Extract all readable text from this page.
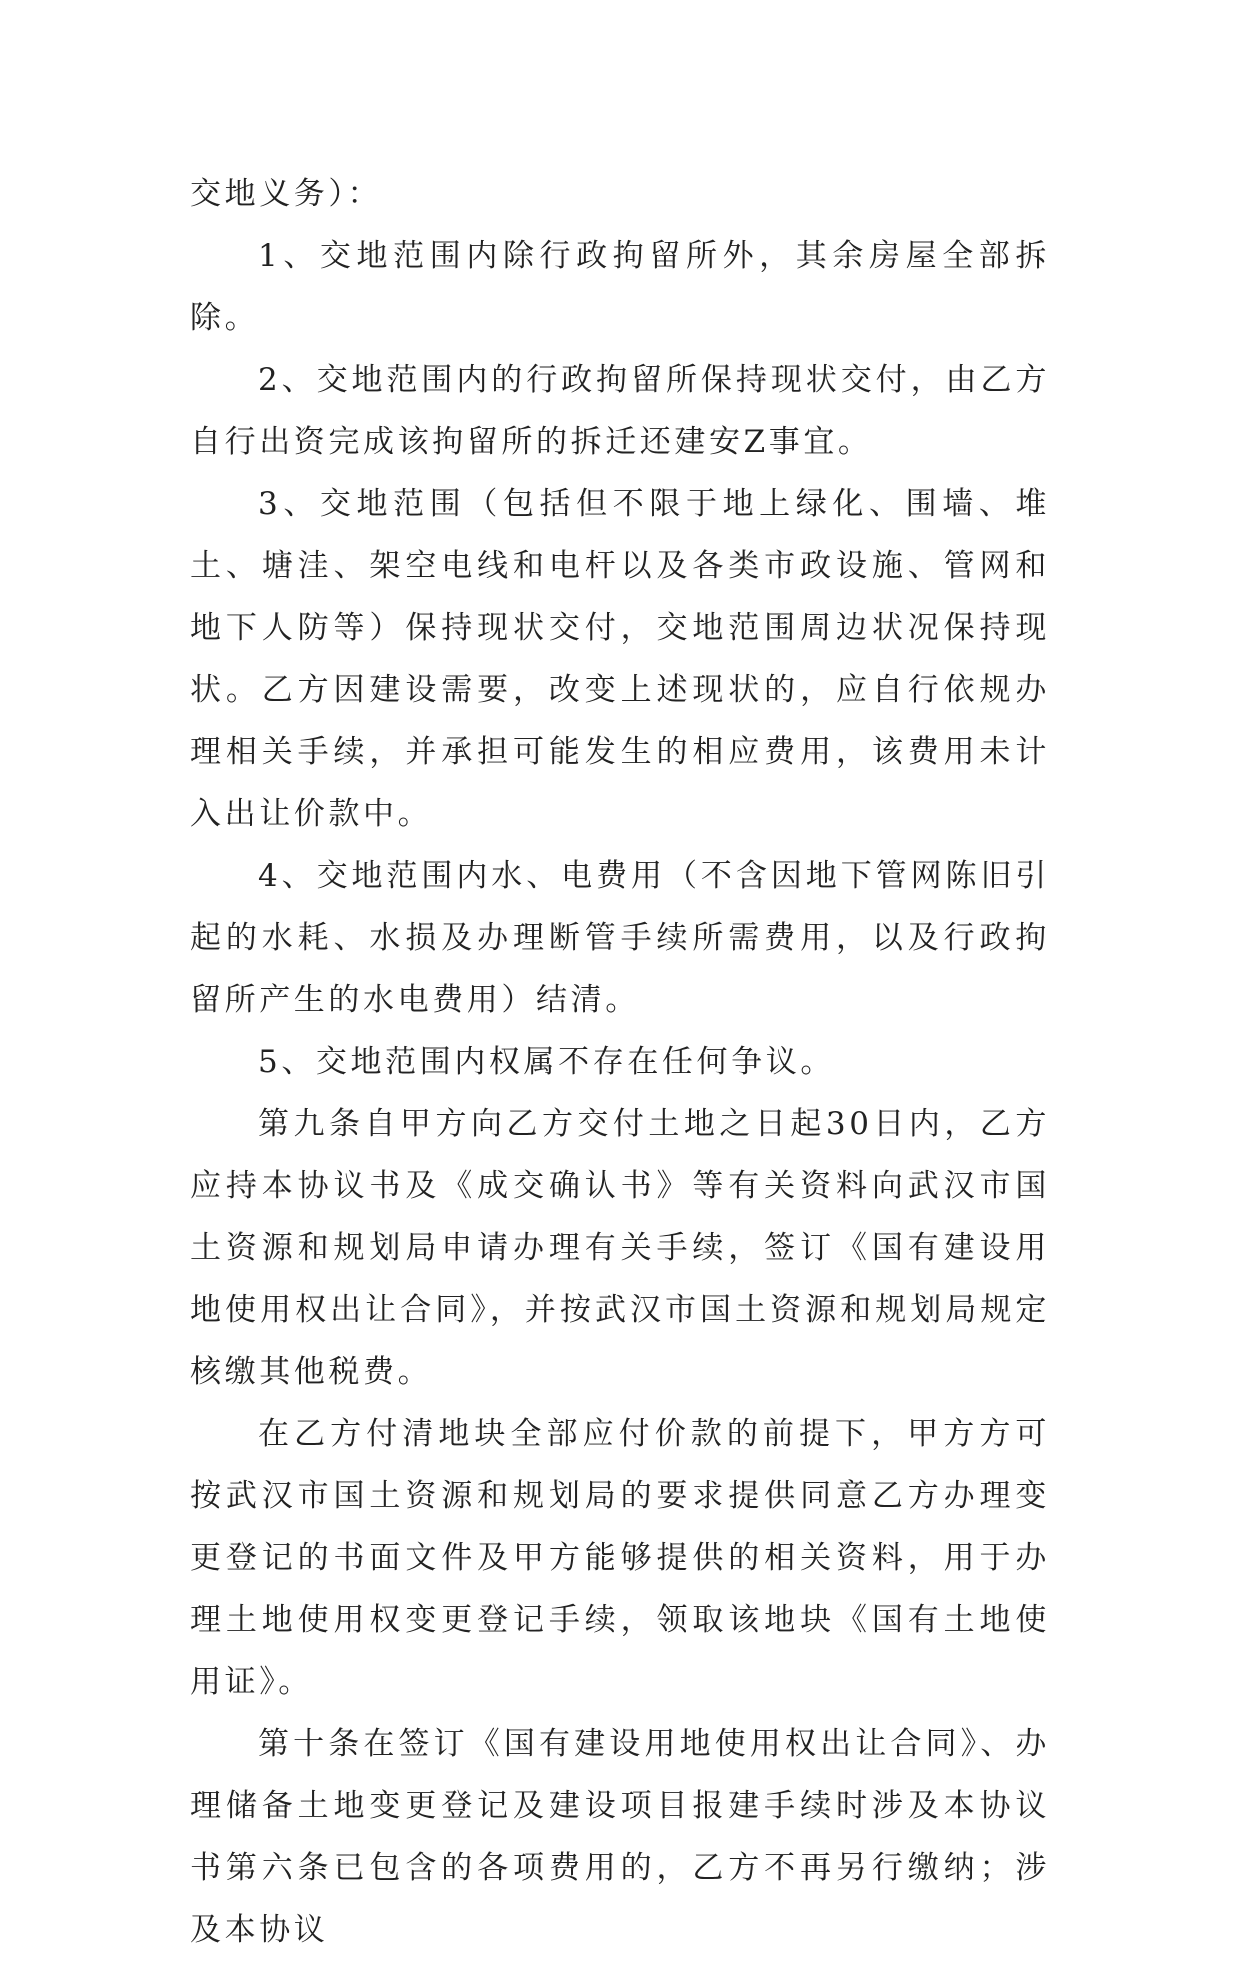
交地义务）：

1、交地范围内除行政拘留所外，其余房屋全部拆除。

2、交地范围内的行政拘留所保持现状交付，由乙方自行出资完成该拘留所的拆迁还建安Z事宜。

3、交地范围（包括但不限于地上绿化、围墙、堆土、塘洼、架空电线和电杆以及各类市政设施、管网和地下人防等）保持现状交付，交地范围周边状况保持现状。乙方因建设需要，改变上述现状的，应自行依规办理相关手续，并承担可能发生的相应费用，该费用未计入出让价款中。

4、交地范围内水、电费用（不含因地下管网陈旧引起的水耗、水损及办理断管手续所需费用，以及行政拘留所产生的水电费用）结清。

5、交地范围内权属不存在任何争议。

第九条自甲方向乙方交付土地之日起30日内，乙方应持本协议书及《成交确认书》等有关资料向武汉市国土资源和规划局申请办理有关手续，签订《国有建设用地使用权出让合同》，并按武汉市国土资源和规划局规定核缴其他税费。

在乙方付清地块全部应付价款的前提下，甲方方可按武汉市国土资源和规划局的要求提供同意乙方办理变更登记的书面文件及甲方能够提供的相关资料，用于办理土地使用权变更登记手续，领取该地块《国有土地使用证》。

第十条在签订《国有建设用地使用权出让合同》、办理储备土地变更登记及建设项目报建手续时涉及本协议书第六条已包含的各项费用的，乙方不再另行缴纳；涉及本协议
